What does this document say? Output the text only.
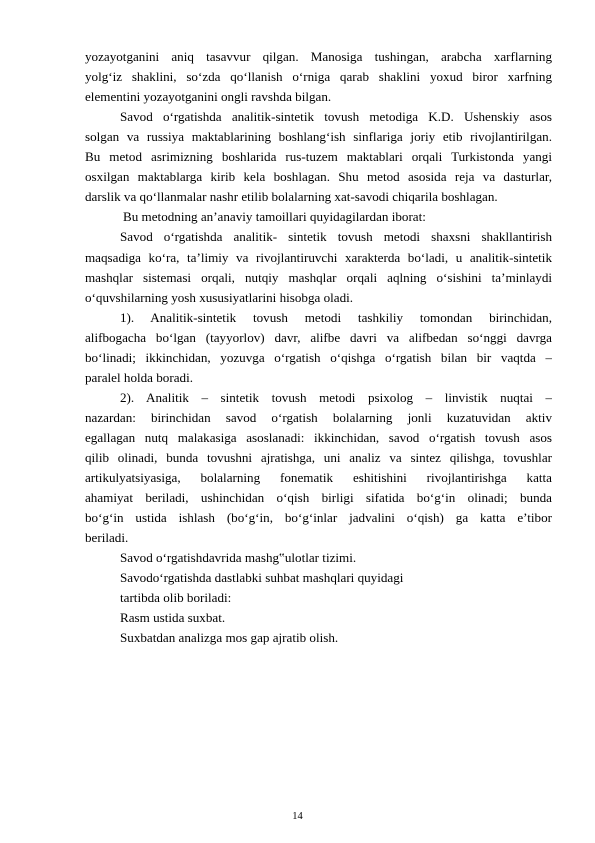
yozayotganini aniq tasavvur qilgan. Manosiga tushingan, arabcha xarflarning
yolg‘iz shaklini, so‘zda qo‘llanish o‘rniga qarab shaklini yoxud biror xarfning
elementini yozayotganini ongli ravshda bilgan.
Savod o‘rgatishda analitik-sintetik tovush metodiga K.D. Ushenskiy asos
solgan va russiya maktablarining boshlang‘ish sinflariga joriy etib rivojlantirilgan.
Bu metod asrimizning boshlarida rus-tuzem maktablari orqali Turkistonda yangi
osxilgan maktablarga kirib kela boshlagan. Shu metod asosida reja va dasturlar,
darslik va qo‘llanmalar nashr etilib bolalarning xat-savodi chiqarila boshlagan.
Bu metodning an’anaviy tamoillari quyidagilardan iborat:
Savod o‘rgatishda analitik- sintetik tovush metodi shaxsni shakllantirish
maqsadiga ko‘ra, ta’limiy va rivojlantiruvchi xarakterda bo‘ladi, u analitik-sintetik
mashqlar sistemasi orqali, nutqiy mashqlar orqali aqlning o‘sishini ta’minlaydi
o‘quvshilarning yosh xususiyatlarini hisobga oladi.
1). Analitik-sintetik tovush metodi tashkiliy tomondan birinchidan,
alifbogacha bo‘lgan (tayyorlov) davr, alifbe davri va alifbedan so‘nggi davrga
bo‘linadi; ikkinchidan, yozuvga o‘rgatish o‘qishga o‘rgatish bilan bir vaqtda –
paralel holda boradi.
2). Analitik – sintetik tovush metodi psixolog – linvistik nuqtai –
nazardan: birinchidan savod o‘rgatish bolalarning jonli kuzatuvidan aktiv
egallagan nutq malakasiga asoslanadi: ikkinchidan, savod o‘rgatish tovush asos
qilib olinadi, bunda tovushni ajratishga, uni analiz va sintez qilishga, tovushlar
artikulyatsiyasiga, bolalarning fonematik eshitishini rivojlantirishga katta
ahamiyat beriladi, ushinchidan o‘qish birligi sifatida bo‘g‘in olinadi; bunda
bo‘g‘in ustida ishlash (bo‘g‘in, bo‘g‘inlar jadvalini o‘qish) ga katta e’tibor
beriladi.
Savod o‘rgatishdavrida mashg‟ulotlar tizimi.
Savodo‘rgatishda dastlabki suhbat mashqlari quyidagi
tartibda olib boriladi:
Rasm ustida suxbat.
Suxbatdan analizga mos gap ajratib olish.
14
